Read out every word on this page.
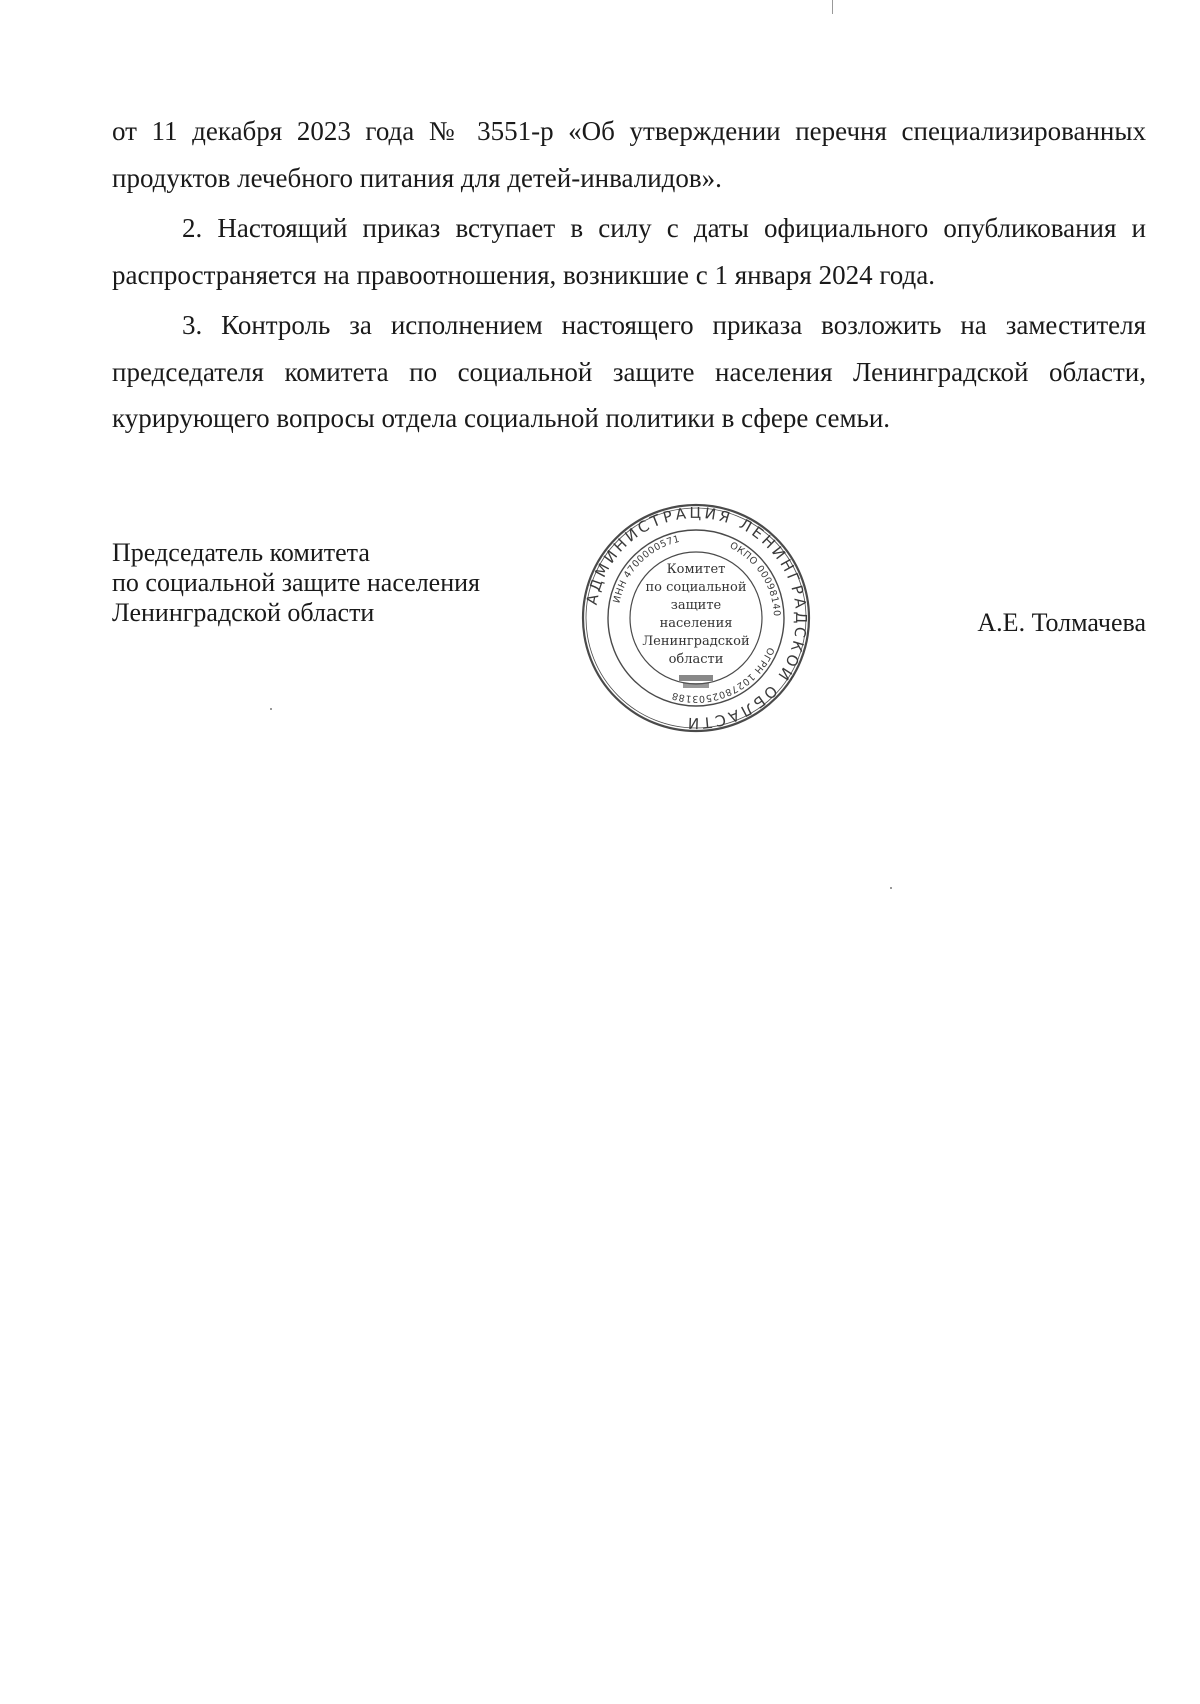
от 11 декабря 2023 года № 3551-р «Об утверждении перечня специализированных продуктов лечебного питания для детей-инвалидов».

2. Настоящий приказ вступает в силу с даты официального опубликования и распространяется на правоотношения, возникшие с 1 января 2024 года.

3. Контроль за исполнением настоящего приказа возложить на заместителя председателя комитета по социальной защите населения Ленинградской области, курирующего вопросы отдела социальной политики в сфере семьи.

Председатель комитета
по социальной защите населения
Ленинградской области	А.Е. Толмачева
АДМИНИСТРАЦИЯ ЛЕНИНГРАДСКОЙ ОБЛАСТИ
ОКПО 00098140
ОГРН 1027802503188
ИНН 4700000571
Комитет
по социальной
защите
населения
Ленинградской
области
